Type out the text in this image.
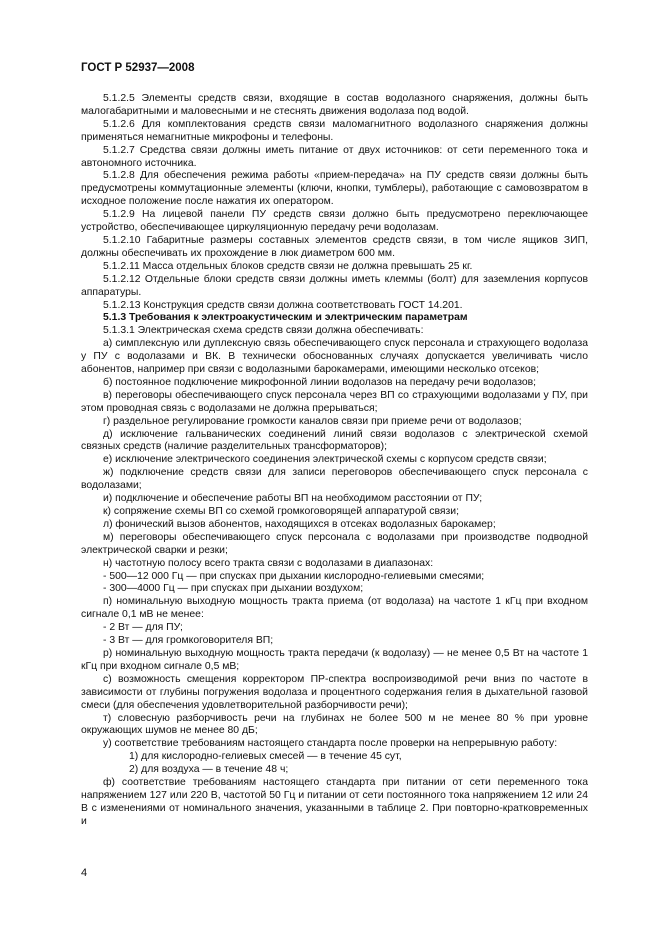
ГОСТ Р 52937—2008
5.1.2.5 Элементы средств связи, входящие в состав водолазного снаряжения, должны быть малогабаритными и маловесными и не стеснять движения водолаза под водой.
5.1.2.6 Для комплектования средств связи маломагнитного водолазного снаряжения должны применяться немагнитные микрофоны и телефоны.
5.1.2.7 Средства связи должны иметь питание от двух источников: от сети переменного тока и автономного источника.
5.1.2.8 Для обеспечения режима работы «прием-передача» на ПУ средств связи должны быть предусмотрены коммутационные элементы (ключи, кнопки, тумблеры), работающие с самовозвратом в исходное положение после нажатия их оператором.
5.1.2.9 На лицевой панели ПУ средств связи должно быть предусмотрено переключающее устройство, обеспечивающее циркуляционную передачу речи водолазам.
5.1.2.10 Габаритные размеры составных элементов средств связи, в том числе ящиков ЗИП, должны обеспечивать их прохождение в люк диаметром 600 мм.
5.1.2.11 Масса отдельных блоков средств связи не должна превышать 25 кг.
5.1.2.12 Отдельные блоки средств связи должны иметь клеммы (болт) для заземления корпусов аппаратуры.
5.1.2.13 Конструкция средств связи должна соответствовать ГОСТ 14.201.
5.1.3 Требования к электроакустическим и электрическим параметрам
5.1.3.1 Электрическая схема средств связи должна обеспечивать:
а) симплексную или дуплексную связь обеспечивающего спуск персонала и страхующего водолаза у ПУ с водолазами и ВК. В технически обоснованных случаях допускается увеличивать число абонентов, например при связи с водолазными барокамерами, имеющими несколько отсеков;
б) постоянное подключение микрофонной линии водолазов на передачу речи водолазов;
в) переговоры обеспечивающего спуск персонала через ВП со страхующими водолазами у ПУ, при этом проводная связь с водолазами не должна прерываться;
г) раздельное регулирование громкости каналов связи при приеме речи от водолазов;
д) исключение гальванических соединений линий связи водолазов с электрической схемой связных средств (наличие разделительных трансформаторов);
е) исключение электрического соединения электрической схемы с корпусом средств связи;
ж) подключение средств связи для записи переговоров обеспечивающего спуск персонала с водолазами;
и) подключение и обеспечение работы ВП на необходимом расстоянии от ПУ;
к) сопряжение схемы ВП со схемой громкоговорящей аппаратурой связи;
л) фонический вызов абонентов, находящихся в отсеках водолазных барокамер;
м) переговоры обеспечивающего спуск персонала с водолазами при производстве подводной электрической сварки и резки;
н) частотную полосу всего тракта связи с водолазами в диапазонах:
- 500—12 000 Гц — при спусках при дыхании кислородно-гелиевыми смесями;
- 300—4000 Гц — при спусках при дыхании воздухом;
п) номинальную выходную мощность тракта приема (от водолаза) на частоте 1 кГц при входном сигнале 0,1 мВ не менее:
- 2 Вт — для ПУ;
- 3 Вт — для громкоговорителя ВП;
р) номинальную выходную мощность тракта передачи (к водолазу) — не менее 0,5 Вт на частоте 1 кГц при входном сигнале 0,5 мВ;
с) возможность смещения корректором ПР-спектра воспроизводимой речи вниз по частоте в зависимости от глубины погружения водолаза и процентного содержания гелия в дыхательной газовой смеси (для обеспечения удовлетворительной разборчивости речи);
т) словесную разборчивость речи на глубинах не более 500 м не менее 80 % при уровне окружающих шумов не менее 80 дБ;
у) соответствие требованиям настоящего стандарта после проверки на непрерывную работу:
1) для кислородно-гелиевых смесей — в течение 45 сут,
2) для воздуха — в течение 48 ч;
ф) соответствие требованиям настоящего стандарта при питании от сети переменного тока напряжением 127 или 220 В, частотой 50 Гц и питании от сети постоянного тока напряжением 12 или 24 В с изменениями от номинального значения, указанными в таблице 2. При повторно-кратковременных и
4
